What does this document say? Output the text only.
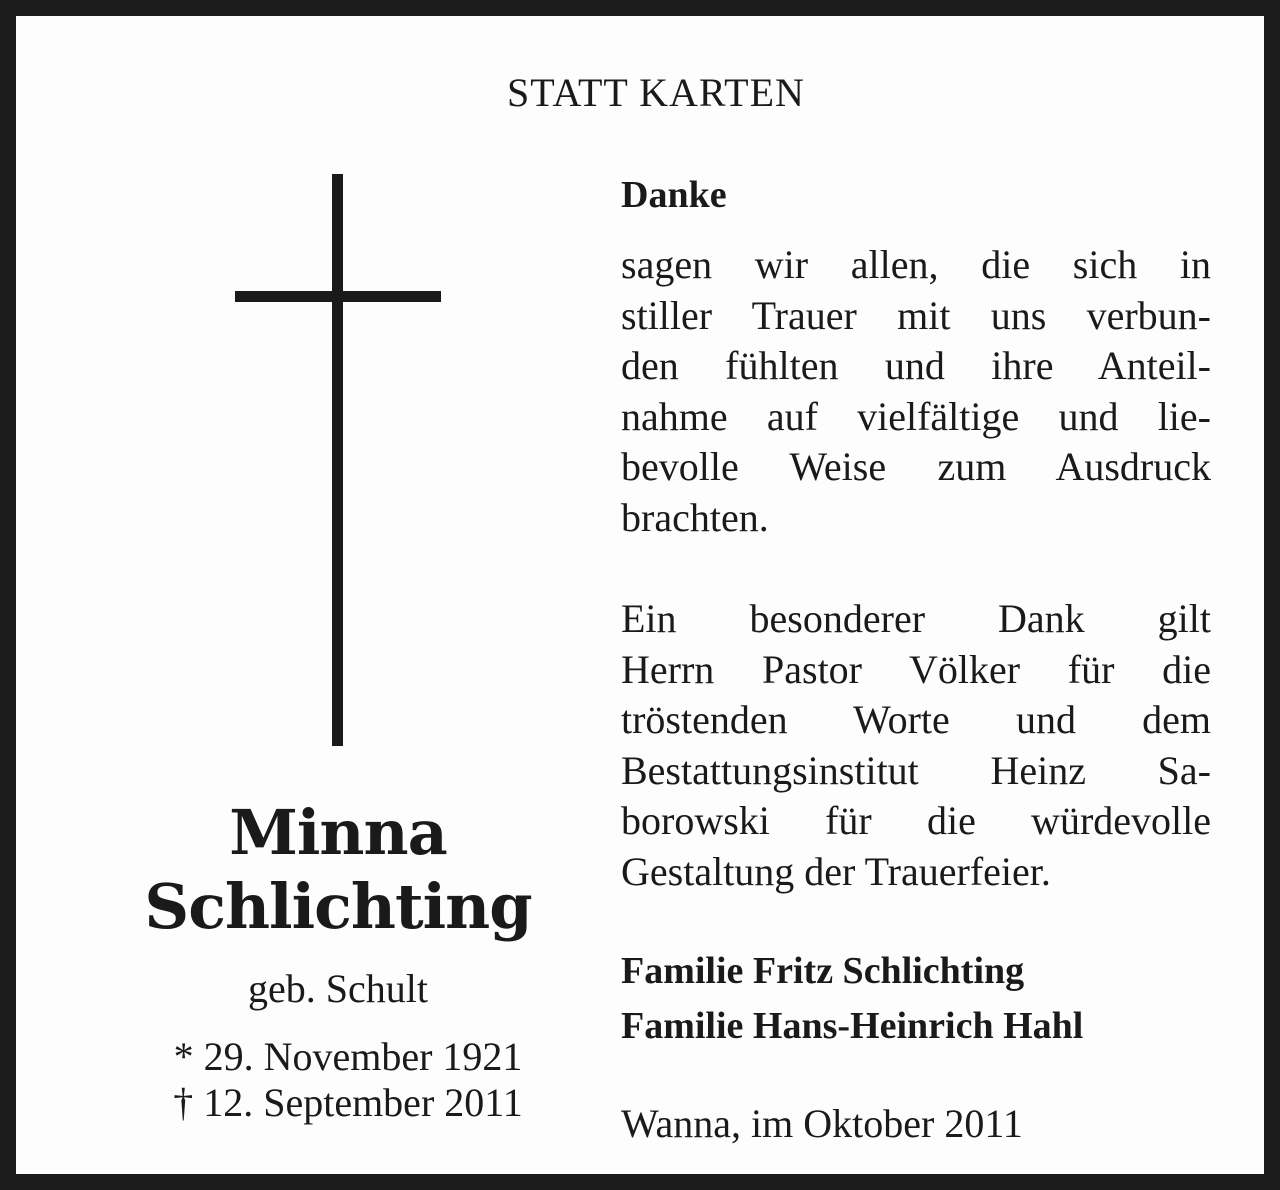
STATT KARTEN
Minna
Schlichting
geb. Schult
* 29. November 1921
† 12. September 2011
Danke
sagen wir allen, die sich in
stiller Trauer mit uns verbun-
den fühlten und ihre Anteil-
nahme auf vielfältige und lie-
bevolle Weise zum Ausdruck
brachten.
Ein besonderer Dank gilt
Herrn Pastor Völker für die
tröstenden Worte und dem
Bestattungsinstitut Heinz Sa-
borowski für die würdevolle
Gestaltung der Trauerfeier.
Familie Fritz Schlichting
Familie Hans-Heinrich Hahl
Wanna, im Oktober 2011
